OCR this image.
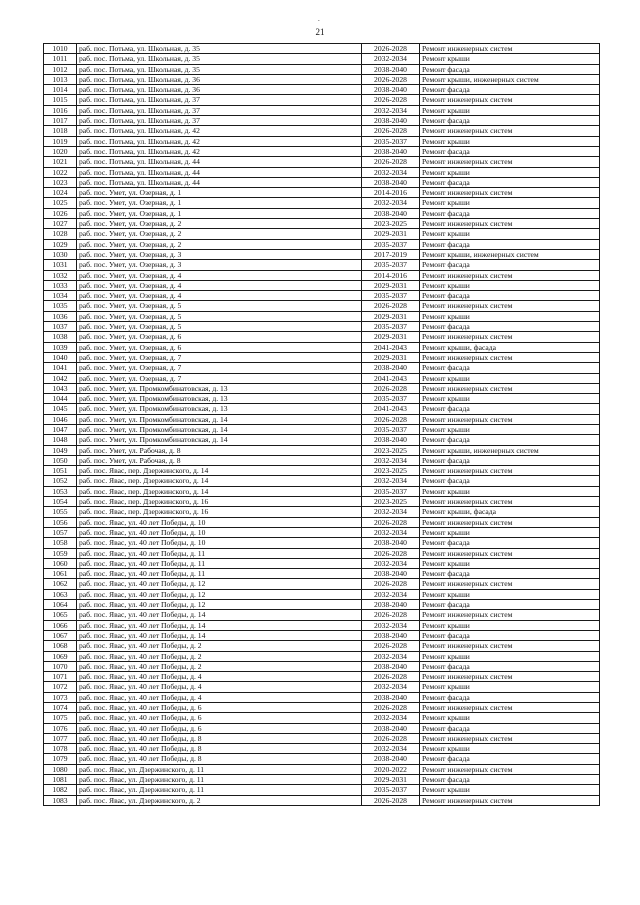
.
21
1010	раб. пос. Потьма, ул. Школьная, д. 35	2026-2028	Ремонт инженерных систем
1011	раб. пос. Потьма, ул. Школьная, д. 35	2032-2034	Ремонт крыши
1012	раб. пос. Потьма, ул. Школьная, д. 35	2038-2040	Ремонт фасада
1013	раб. пос. Потьма, ул. Школьная, д. 36	2026-2028	Ремонт крыши, инженерных систем
1014	раб. пос. Потьма, ул. Школьная, д. 36	2038-2040	Ремонт фасада
1015	раб. пос. Потьма, ул. Школьная, д. 37	2026-2028	Ремонт инженерных систем
1016	раб. пос. Потьма, ул. Школьная, д. 37	2032-2034	Ремонт крыши
1017	раб. пос. Потьма, ул. Школьная, д. 37	2038-2040	Ремонт фасада
1018	раб. пос. Потьма, ул. Школьная, д. 42	2026-2028	Ремонт инженерных систем
1019	раб. пос. Потьма, ул. Школьная, д. 42	2035-2037	Ремонт крыши
1020	раб. пос. Потьма, ул. Школьная, д. 42	2038-2040	Ремонт фасада
1021	раб. пос. Потьма, ул. Школьная, д. 44	2026-2028	Ремонт инженерных систем
1022	раб. пос. Потьма, ул. Школьная, д. 44	2032-2034	Ремонт крыши
1023	раб. пос. Потьма, ул. Школьная, д. 44	2038-2040	Ремонт фасада
1024	раб. пос. Умет, ул. Озерная, д. 1	2014-2016	Ремонт инженерных систем
1025	раб. пос. Умет, ул. Озерная, д. 1	2032-2034	Ремонт крыши
1026	раб. пос. Умет, ул. Озерная, д. 1	2038-2040	Ремонт фасада
1027	раб. пос. Умет, ул. Озерная, д. 2	2023-2025	Ремонт инженерных систем
1028	раб. пос. Умет, ул. Озерная, д. 2	2029-2031	Ремонт крыши
1029	раб. пос. Умет, ул. Озерная, д. 2	2035-2037	Ремонт фасада
1030	раб. пос. Умет, ул. Озерная, д. 3	2017-2019	Ремонт крыши, инженерных систем
1031	раб. пос. Умет, ул. Озерная, д. 3	2035-2037	Ремонт фасада
1032	раб. пос. Умет, ул. Озерная, д. 4	2014-2016	Ремонт инженерных систем
1033	раб. пос. Умет, ул. Озерная, д. 4	2029-2031	Ремонт крыши
1034	раб. пос. Умет, ул. Озерная, д. 4	2035-2037	Ремонт фасада
1035	раб. пос. Умет, ул. Озерная, д. 5	2026-2028	Ремонт инженерных систем
1036	раб. пос. Умет, ул. Озерная, д. 5	2029-2031	Ремонт крыши
1037	раб. пос. Умет, ул. Озерная, д. 5	2035-2037	Ремонт фасада
1038	раб. пос. Умет, ул. Озерная, д. 6	2029-2031	Ремонт инженерных систем
1039	раб. пос. Умет, ул. Озерная, д. 6	2041-2043	Ремонт крыши, фасада
1040	раб. пос. Умет, ул. Озерная, д. 7	2029-2031	Ремонт инженерных систем
1041	раб. пос. Умет, ул. Озерная, д. 7	2038-2040	Ремонт фасада
1042	раб. пос. Умет, ул. Озерная, д. 7	2041-2043	Ремонт крыши
1043	раб. пос. Умет, ул. Промкомбинатовская, д. 13	2026-2028	Ремонт инженерных систем
1044	раб. пос. Умет, ул. Промкомбинатовская, д. 13	2035-2037	Ремонт крыши
1045	раб. пос. Умет, ул. Промкомбинатовская, д. 13	2041-2043	Ремонт фасада
1046	раб. пос. Умет, ул. Промкомбинатовская, д. 14	2026-2028	Ремонт инженерных систем
1047	раб. пос. Умет, ул. Промкомбинатовская, д. 14	2035-2037	Ремонт крыши
1048	раб. пос. Умет, ул. Промкомбинатовская, д. 14	2038-2040	Ремонт фасада
1049	раб. пос. Умет, ул. Рабочая, д. 8	2023-2025	Ремонт крыши, инженерных систем
1050	раб. пос. Умет, ул. Рабочая, д. 8	2032-2034	Ремонт фасада
1051	раб. пос. Явас, пер. Дзержинского, д. 14	2023-2025	Ремонт инженерных систем
1052	раб. пос. Явас, пер. Дзержинского, д. 14	2032-2034	Ремонт фасада
1053	раб. пос. Явас, пер. Дзержинского, д. 14	2035-2037	Ремонт крыши
1054	раб. пос. Явас, пер. Дзержинского, д. 16	2023-2025	Ремонт инженерных систем
1055	раб. пос. Явас, пер. Дзержинского, д. 16	2032-2034	Ремонт крыши, фасада
1056	раб. пос. Явас, ул. 40 лет Победы, д. 10	2026-2028	Ремонт инженерных систем
1057	раб. пос. Явас, ул. 40 лет Победы, д. 10	2032-2034	Ремонт крыши
1058	раб. пос. Явас, ул. 40 лет Победы, д. 10	2038-2040	Ремонт фасада
1059	раб. пос. Явас, ул. 40 лет Победы, д. 11	2026-2028	Ремонт инженерных систем
1060	раб. пос. Явас, ул. 40 лет Победы, д. 11	2032-2034	Ремонт крыши
1061	раб. пос. Явас, ул. 40 лет Победы, д. 11	2038-2040	Ремонт фасада
1062	раб. пос. Явас, ул. 40 лет Победы, д. 12	2026-2028	Ремонт инженерных систем
1063	раб. пос. Явас, ул. 40 лет Победы, д. 12	2032-2034	Ремонт крыши
1064	раб. пос. Явас, ул. 40 лет Победы, д. 12	2038-2040	Ремонт фасада
1065	раб. пос. Явас, ул. 40 лет Победы, д. 14	2026-2028	Ремонт инженерных систем
1066	раб. пос. Явас, ул. 40 лет Победы, д. 14	2032-2034	Ремонт крыши
1067	раб. пос. Явас, ул. 40 лет Победы, д. 14	2038-2040	Ремонт фасада
1068	раб. пос. Явас, ул. 40 лет Победы, д. 2	2026-2028	Ремонт инженерных систем
1069	раб. пос. Явас, ул. 40 лет Победы, д. 2	2032-2034	Ремонт крыши
1070	раб. пос. Явас, ул. 40 лет Победы, д. 2	2038-2040	Ремонт фасада
1071	раб. пос. Явас, ул. 40 лет Победы, д. 4	2026-2028	Ремонт инженерных систем
1072	раб. пос. Явас, ул. 40 лет Победы, д. 4	2032-2034	Ремонт крыши
1073	раб. пос. Явас, ул. 40 лет Победы, д. 4	2038-2040	Ремонт фасада
1074	раб. пос. Явас, ул. 40 лет Победы, д. 6	2026-2028	Ремонт инженерных систем
1075	раб. пос. Явас, ул. 40 лет Победы, д. 6	2032-2034	Ремонт крыши
1076	раб. пос. Явас, ул. 40 лет Победы, д. 6	2038-2040	Ремонт фасада
1077	раб. пос. Явас, ул. 40 лет Победы, д. 8	2026-2028	Ремонт инженерных систем
1078	раб. пос. Явас, ул. 40 лет Победы, д. 8	2032-2034	Ремонт крыши
1079	раб. пос. Явас, ул. 40 лет Победы, д. 8	2038-2040	Ремонт фасада
1080	раб. пос. Явас, ул. Дзержинского, д. 11	2020-2022	Ремонт инженерных систем
1081	раб. пос. Явас, ул. Дзержинского, д. 11	2029-2031	Ремонт фасада
1082	раб. пос. Явас, ул. Дзержинского, д. 11	2035-2037	Ремонт крыши
1083	раб. пос. Явас, ул. Дзержинского, д. 2	2026-2028	Ремонт инженерных систем
